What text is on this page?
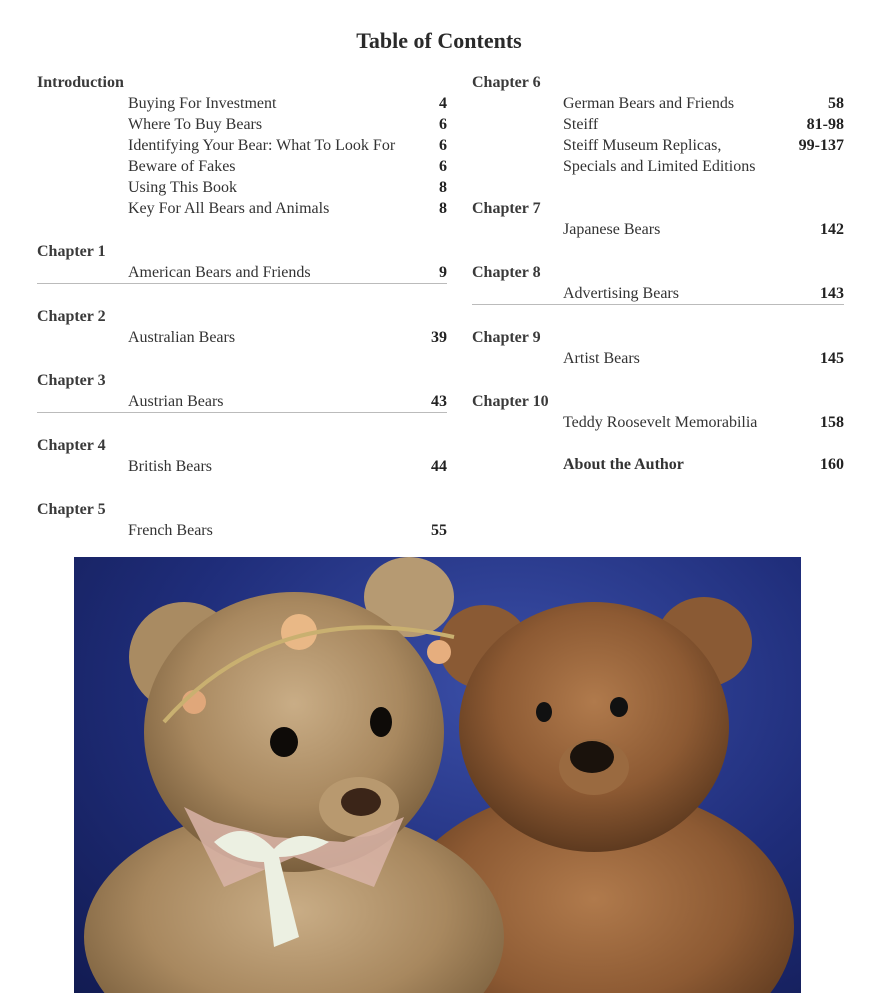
Table of Contents
Introduction
Buying For Investment	4
Where To Buy Bears	6
Identifying Your Bear: What To Look For	6
Beware of Fakes	6
Using This Book	8
Key For All Bears and Animals	8
Chapter 1
American Bears and Friends	9
Chapter 2
Australian Bears	39
Chapter 3
Austrian Bears	43
Chapter 4
British Bears	44
Chapter 5
French Bears	55
Chapter 6
German Bears and Friends	58
Steiff	81-98
Steiff Museum Replicas,	99-137
Specials and Limited Editions
Chapter 7
Japanese Bears	142
Chapter 8
Advertising Bears	143
Chapter 9
Artist Bears	145
Chapter 10
Teddy Roosevelt Memorabilia	158
About the Author	160
